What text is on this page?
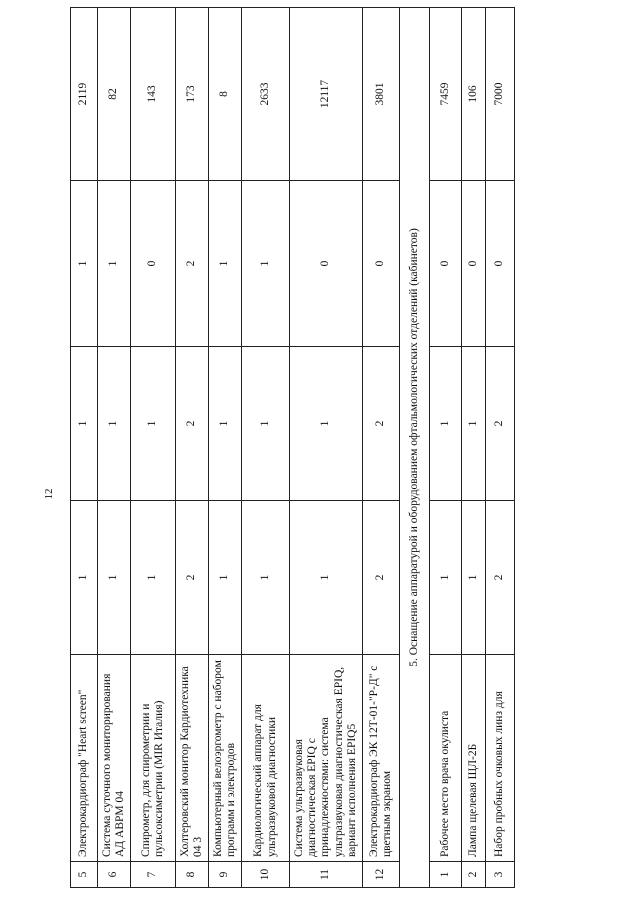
12
5	Электрокардиограф "Heart screen"	1	1	1	2119
6	Система суточного мониторирования АД АВРМ 04	1	1	1	82
7	Спирометр, для спирометрии и пульсоксиметрии (MIR Италия)	1	1	0	143
8	Холтеровский монитор Кардиотехника 04 3	2	2	2	173
9	Компьютерный велоэргометр с набором программ и электродов	1	1	1	8
10	Кардиологический аппарат для ультразвуковой диагностики	1	1	1	2633
11	Система ультразвуковая диагностическая EPIQ с принадлежностями: система ультразвуковая диагностическая EPIQ, вариант исполнения EPIQ5	1	1	0	12117
12	Электрокардиограф ЭК 12Т-01-"Р-Д" с цветным экраном	2	2	0	3801
5. Оснащение аппаратурой и оборудованием офтальмологических отделений (кабинетов)					
1	Рабочее место врача окулиста	1	1	0	7459
2	Лампа щелевая ЩЛ-2Б	1	1	0	106
3	Набор пробных очковых линз для	2	2	0	7000
